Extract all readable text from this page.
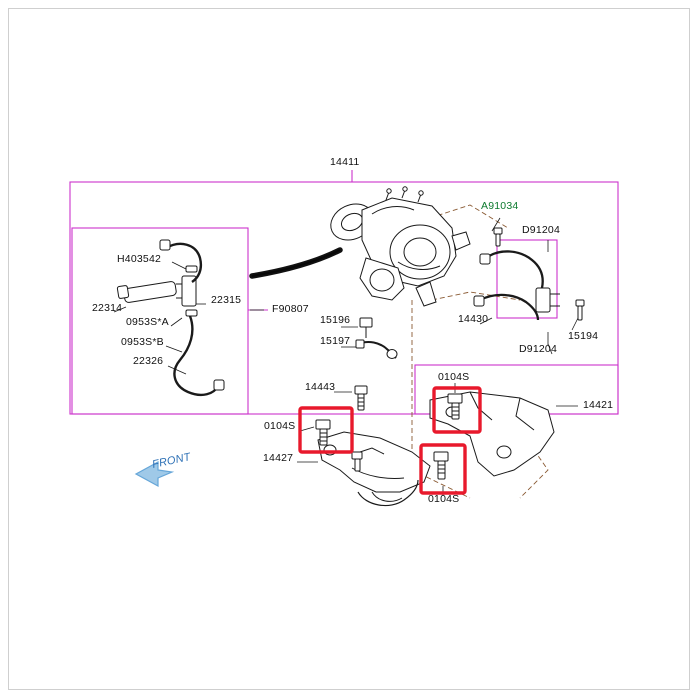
14411
A91034
D91204
H403542
22314
22315
F90807
0953S*A
0953S*B
22326
15196
15197
14430
D91204
15194
14443
0104S
14421
0104S
14427
0104S
FRONT
